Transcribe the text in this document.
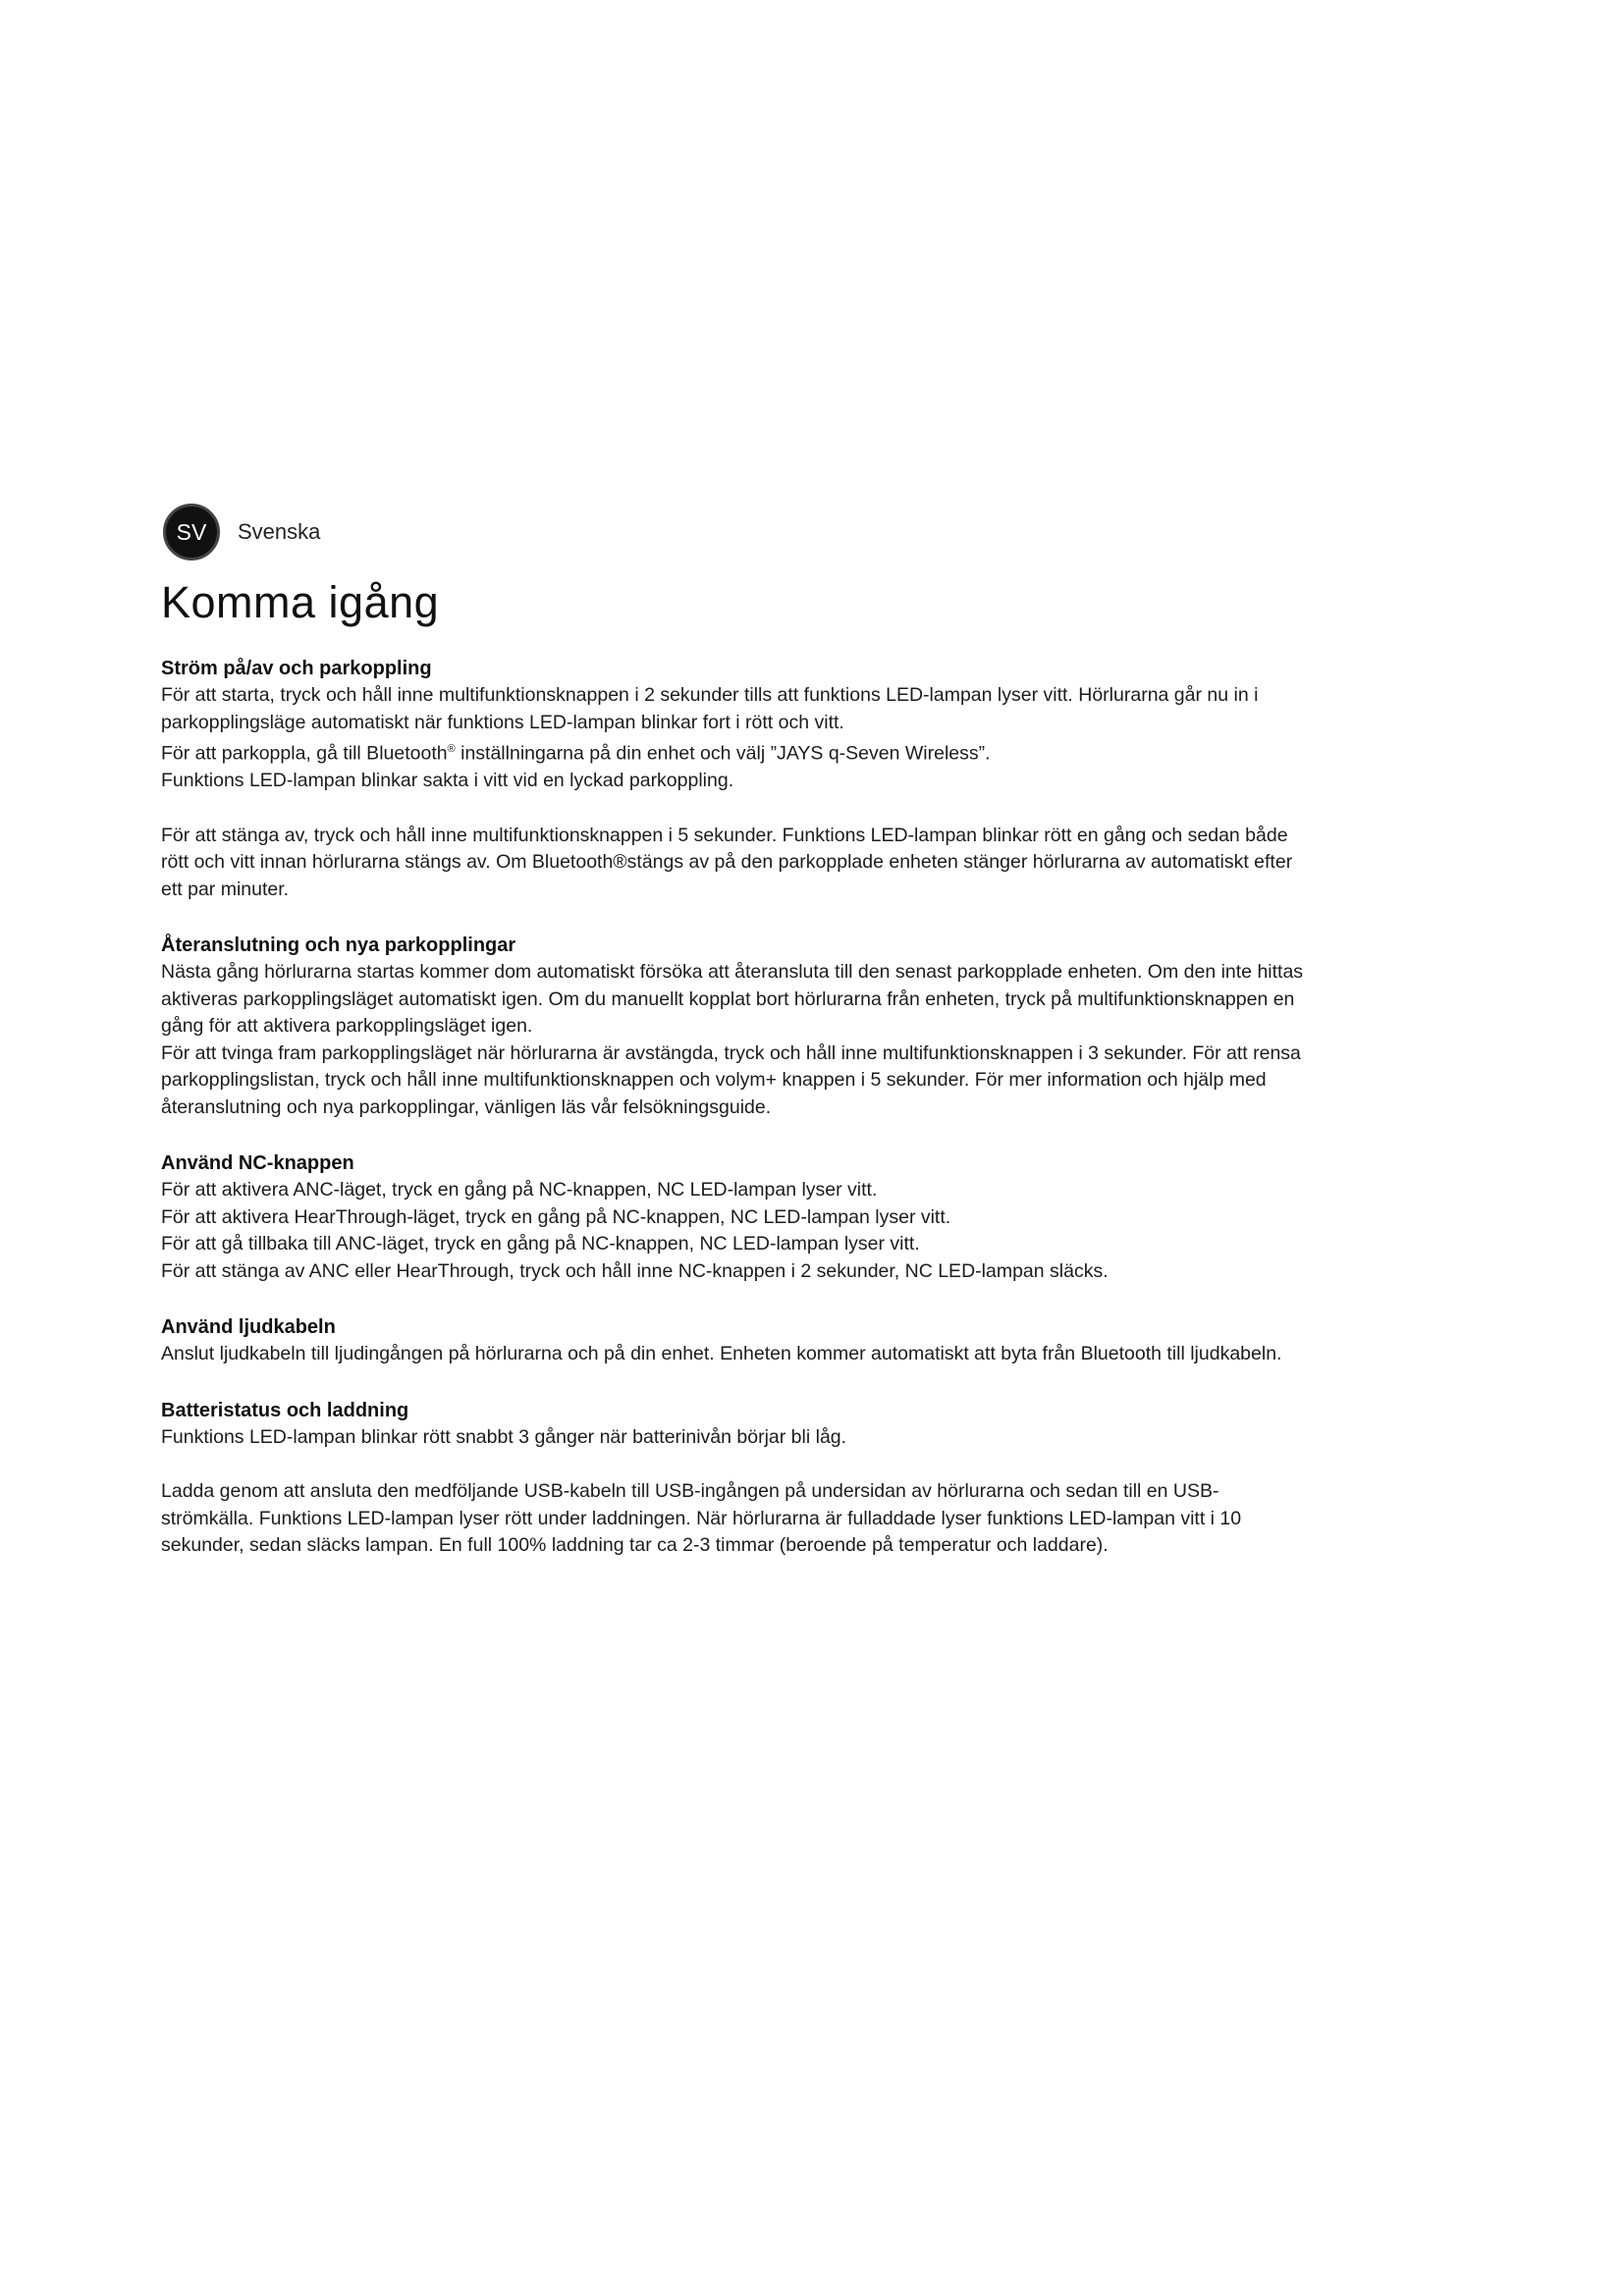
SV	Svenska
Komma igång

Ström på/av och parkoppling

För att starta, tryck och håll inne multifunktionsknappen i 2 sekunder tills att funktions LED-lampan lyser vitt. Hörlurarna går nu in i parkopplingsläge automatiskt när funktions LED-lampan blinkar fort i rött och vitt.

För att parkoppla, gå till Bluetooth® inställningarna på din enhet och välj ”JAYS q-Seven Wireless”.

Funktions LED-lampan blinkar sakta i vitt vid en lyckad parkoppling.

För att stänga av, tryck och håll inne multifunktionsknappen i 5 sekunder. Funktions LED-lampan blinkar rött en gång och sedan både rött och vitt innan hörlurarna stängs av. Om Bluetooth®stängs av på den parkopplade enheten stänger hörlurarna av automatiskt efter ett par minuter.

Återanslutning och nya parkopplingar

Nästa gång hörlurarna startas kommer dom automatiskt försöka att återansluta till den senast parkopplade enheten. Om den inte hittas aktiveras parkopplingsläget automatiskt igen. Om du manuellt kopplat bort hörlurarna från enheten, tryck på multifunktionsknappen en gång för att aktivera parkopplingsläget igen.

För att tvinga fram parkopplingsläget när hörlurarna är avstängda, tryck och håll inne multifunktionsknappen i 3 sekunder. För att rensa parkopplingslistan, tryck och håll inne multifunktionsknappen och volym+ knappen i 5 sekunder. För mer information och hjälp med återanslutning och nya parkopplingar, vänligen läs vår felsökningsguide.

Använd NC-knappen

För att aktivera ANC-läget, tryck en gång på NC-knappen, NC LED-lampan lyser vitt.

För att aktivera HearThrough-läget, tryck en gång på NC-knappen, NC LED-lampan lyser vitt.

För att gå tillbaka till ANC-läget, tryck en gång på NC-knappen, NC LED-lampan lyser vitt.

För att stänga av ANC eller HearThrough, tryck och håll inne NC-knappen i 2 sekunder, NC LED-lampan släcks.

Använd ljudkabeln

Anslut ljudkabeln till ljudingången på hörlurarna och på din enhet. Enheten kommer automatiskt att byta från Bluetooth till ljudkabeln.

Batteristatus och laddning

Funktions LED-lampan blinkar rött snabbt 3 gånger när batterinivån börjar bli låg.

Ladda genom att ansluta den medföljande USB-kabeln till USB-ingången på undersidan av hörlurarna och sedan till en USB-strömkälla. Funktions LED-lampan lyser rött under laddningen. När hörlurarna är fulladdade lyser funktions LED-lampan vitt i 10 sekunder, sedan släcks lampan. En full 100% laddning tar ca 2-3 timmar (beroende på temperatur och laddare).
